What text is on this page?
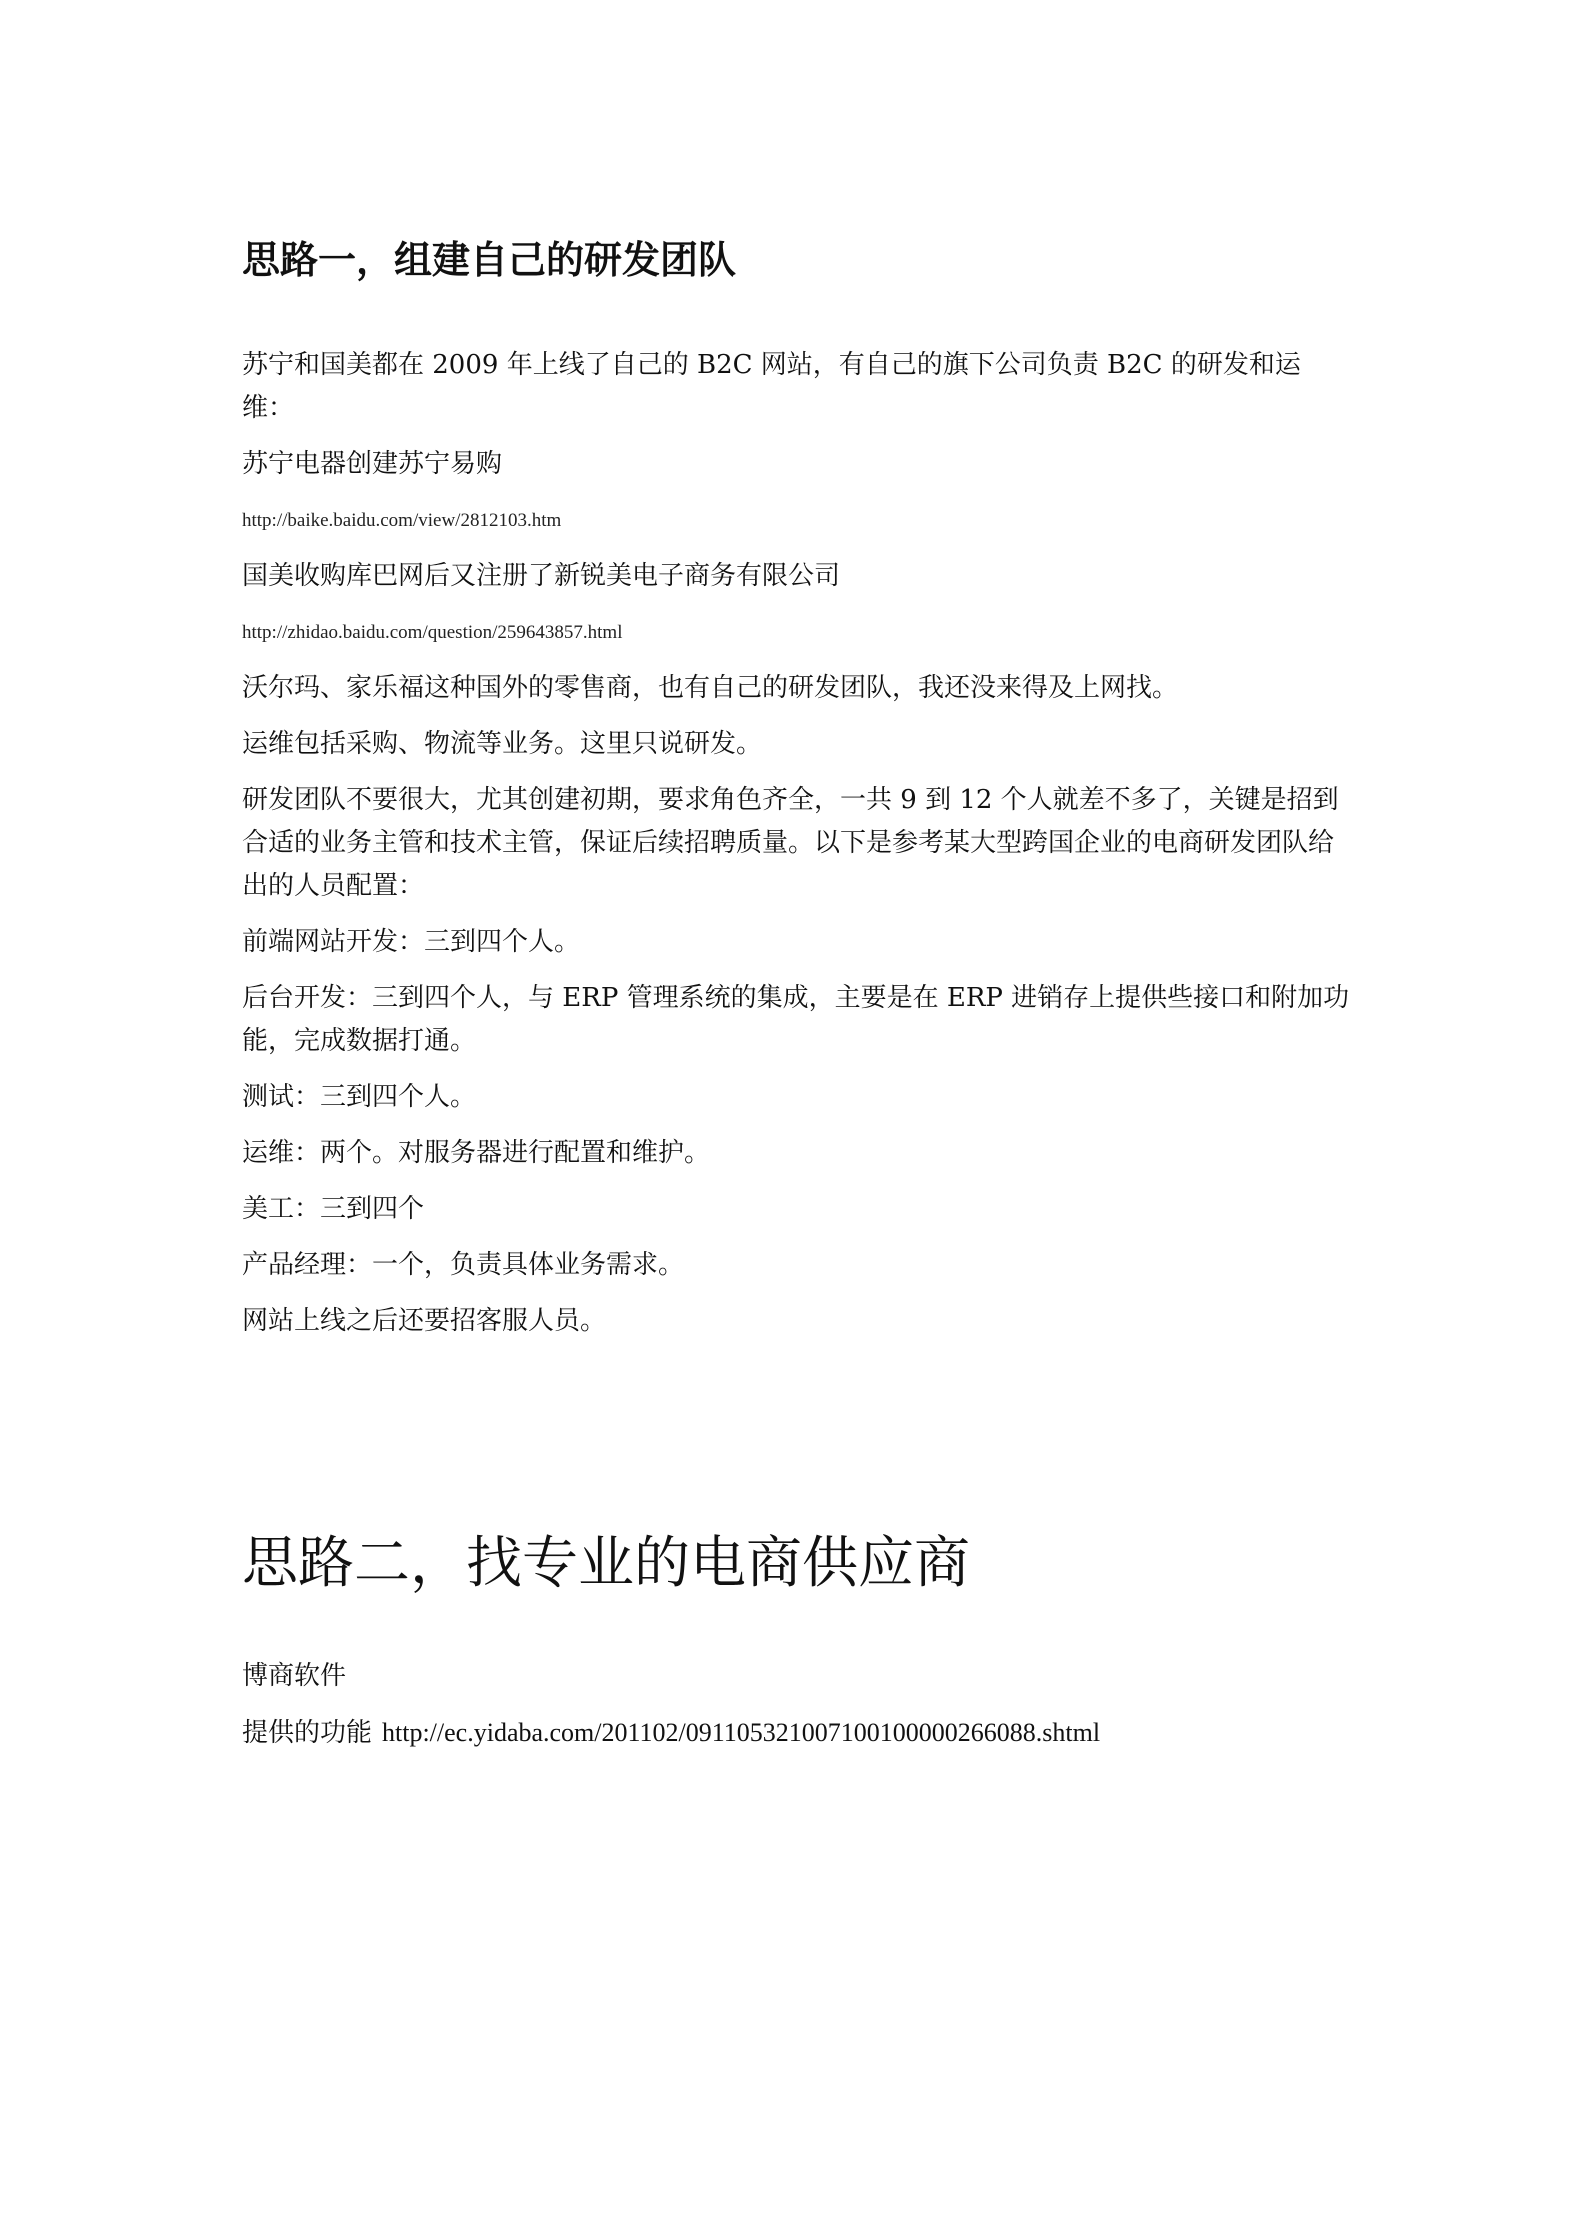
思路一，组建自己的研发团队
苏宁和国美都在 2009 年上线了自己的 B2C 网站，有自己的旗下公司负责 B2C 的研发和运维：
苏宁电器创建苏宁易购
http://baike.baidu.com/view/2812103.htm
国美收购库巴网后又注册了新锐美电子商务有限公司
http://zhidao.baidu.com/question/259643857.html
沃尔玛、家乐福这种国外的零售商，也有自己的研发团队，我还没来得及上网找。
运维包括采购、物流等业务。这里只说研发。
研发团队不要很大，尤其创建初期，要求角色齐全，一共 9 到 12 个人就差不多了，关键是招到合适的业务主管和技术主管，保证后续招聘质量。以下是参考某大型跨国企业的电商研发团队给出的人员配置：
前端网站开发：三到四个人。
后台开发：三到四个人，与 ERP 管理系统的集成，主要是在 ERP 进销存上提供些接口和附加功能，完成数据打通。
测试：三到四个人。
运维：两个。对服务器进行配置和维护。
美工：三到四个
产品经理：一个，负责具体业务需求。
网站上线之后还要招客服人员。
思路二，找专业的电商供应商
博商软件
提供的功能 http://ec.yidaba.com/201102/091105321007100100000266088.shtml
